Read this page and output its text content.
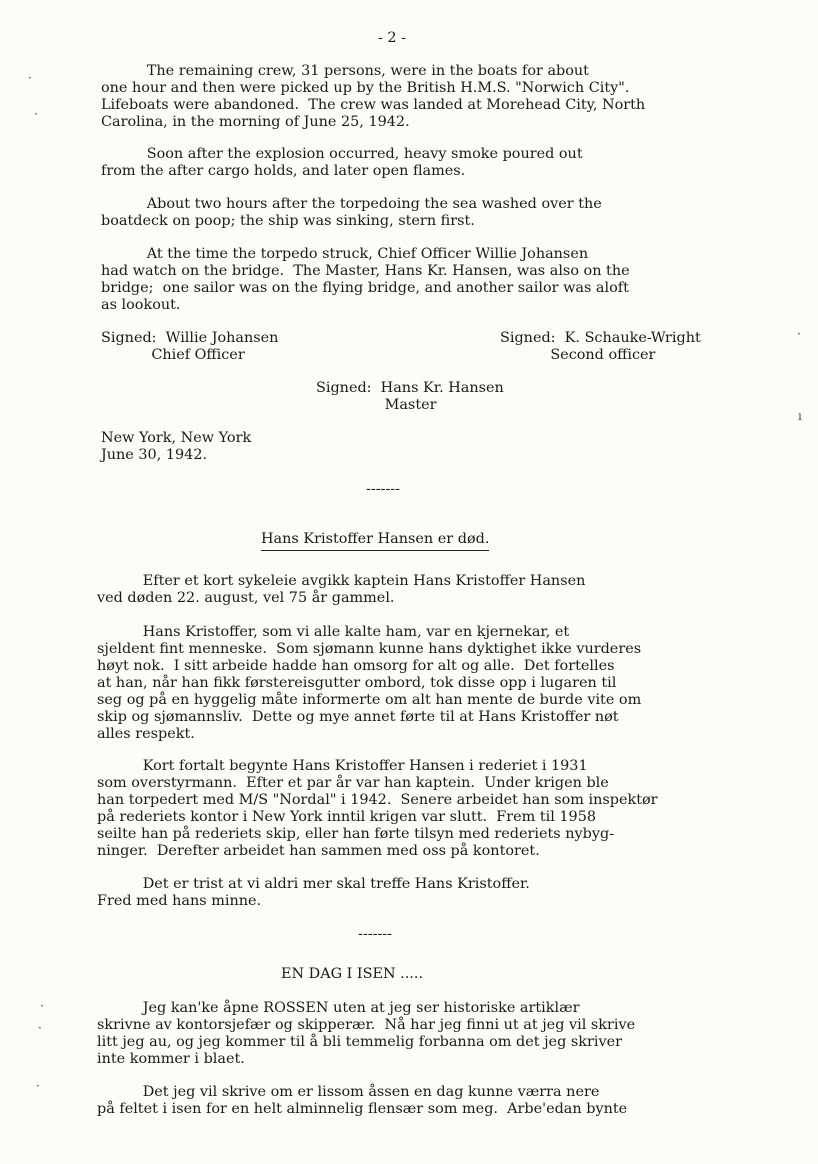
- 2 -

The remaining crew, 31 persons, were in the boats for about
one hour and then were picked up by the British H.M.S. "Norwich City".
Lifeboats were abandoned.  The crew was landed at Morehead City, North
Carolina, in the morning of June 25, 1942.

Soon after the explosion occurred, heavy smoke poured out
from the after cargo holds, and later open flames.

About two hours after the torpedoing the sea washed over the
boatdeck on poop; the ship was sinking, stern first.

At the time the torpedo struck, Chief Officer Willie Johansen
had watch on the bridge.  The Master, Hans Kr. Hansen, was also on the
bridge;  one sailor was on the flying bridge, and another sailor was aloft
as lookout.

Signed:  Willie Johansen
Chief Officer

Signed:  K. Schauke-Wright
Second officer

Signed:  Hans Kr. Hansen
Master

New York, New York
June 30, 1942.

-------

Hans Kristoffer Hansen er død.

Efter et kort sykeleie avgikk kaptein Hans Kristoffer Hansen
ved døden 22. august, vel 75 år gammel.

Hans Kristoffer, som vi alle kalte ham, var en kjernekar, et
sjeldent fint menneske.  Som sjømann kunne hans dyktighet ikke vurderes
høyt nok.  I sitt arbeide hadde han omsorg for alt og alle.  Det fortelles
at han, når han fikk førstereisgutter ombord, tok disse opp i lugaren til
seg og på en hyggelig måte informerte om alt han mente de burde vite om
skip og sjømannsliv.  Dette og mye annet førte til at Hans Kristoffer nøt
alles respekt.

Kort fortalt begynte Hans Kristoffer Hansen i rederiet i 1931
som overstyrmann.  Efter et par år var han kaptein.  Under krigen ble
han torpedert med M/S "Nordal" i 1942.  Senere arbeidet han som inspektør
på rederiets kontor i New York inntil krigen var slutt.  Frem til 1958
seilte han på rederiets skip, eller han førte tilsyn med rederiets nybyg-
ninger.  Derefter arbeidet han sammen med oss på kontoret.

Det er trist at vi aldri mer skal treffe Hans Kristoffer.
Fred med hans minne.

-------

EN DAG I ISEN .....

Jeg kan'ke åpne ROSSEN uten at jeg ser historiske artiklær
skrivne av kontorsjefær og skipperær.  Nå har jeg finni ut at jeg vil skrive
litt jeg au, og jeg kommer til å bli temmelig forbanna om det jeg skriver
inte kommer i blaet.

Det jeg vil skrive om er lissom åssen en dag kunne værra nere
på feltet i isen for en helt alminnelig flensær som meg.  Arbe'edan bynte

·
·
·
ı
·
·
·
